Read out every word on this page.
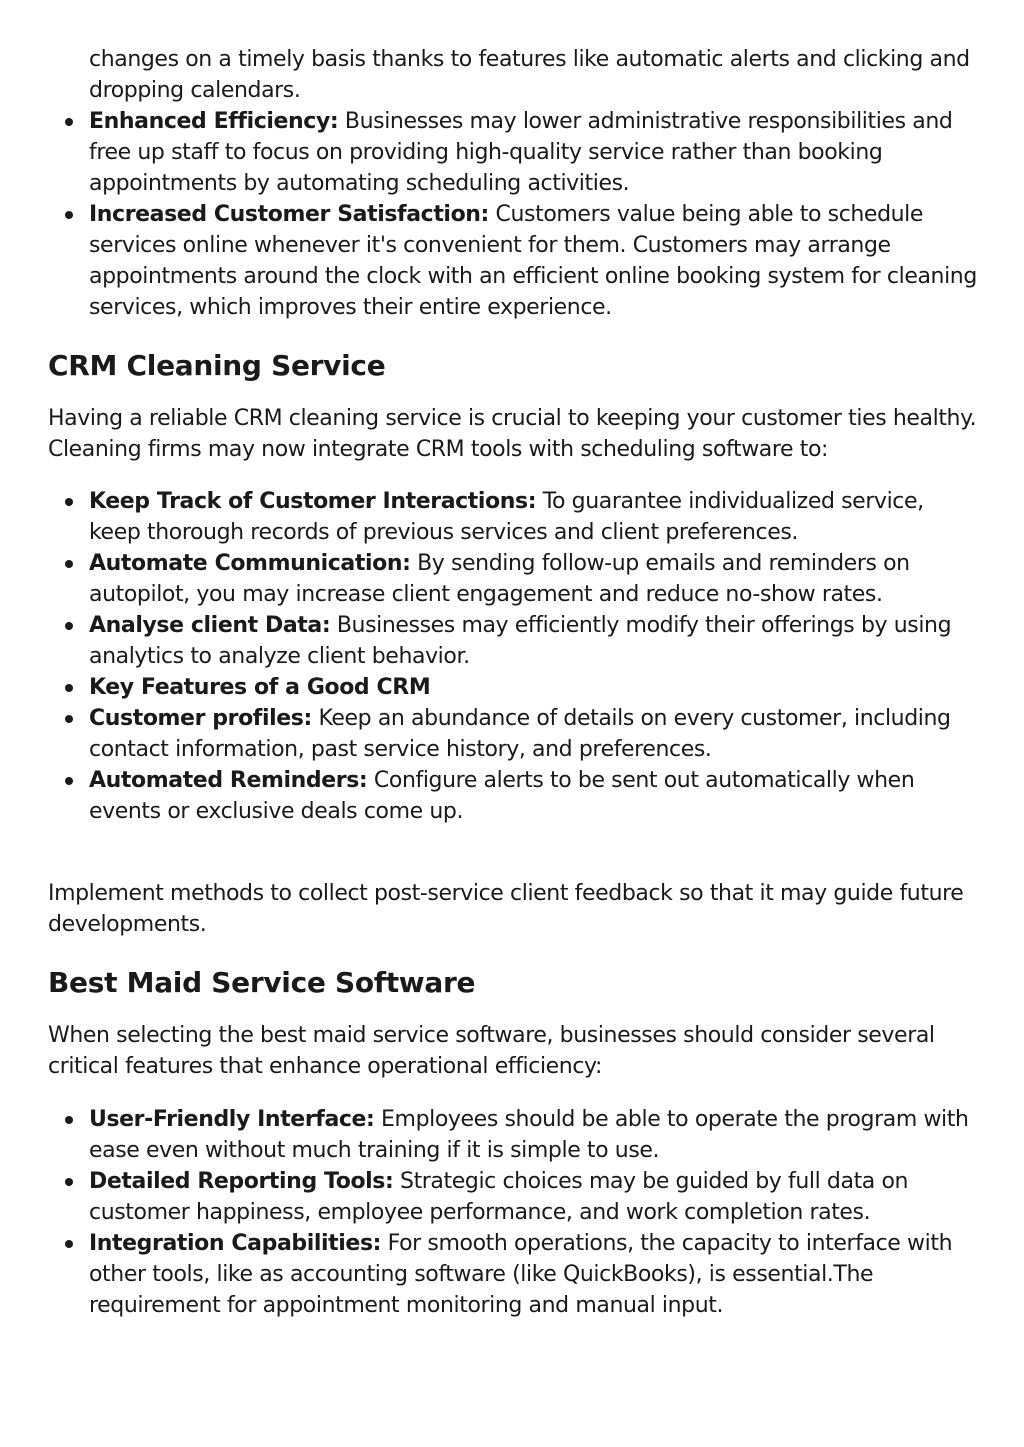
changes on a timely basis thanks to features like automatic alerts and clicking and dropping calendars.
Enhanced Efficiency: Businesses may lower administrative responsibilities and free up staff to focus on providing high-quality service rather than booking appointments by automating scheduling activities.
Increased Customer Satisfaction: Customers value being able to schedule services online whenever it's convenient for them. Customers may arrange appointments around the clock with an efficient online booking system for cleaning services, which improves their entire experience.
CRM Cleaning Service

Having a reliable CRM cleaning service is crucial to keeping your customer ties healthy. Cleaning firms may now integrate CRM tools with scheduling software to:

Keep Track of Customer Interactions: To guarantee individualized service, keep thorough records of previous services and client preferences.
Automate Communication: By sending follow-up emails and reminders on autopilot, you may increase client engagement and reduce no-show rates.
Analyse client Data: Businesses may efficiently modify their offerings by using analytics to analyze client behavior.
Key Features of a Good CRM
Customer profiles: Keep an abundance of details on every customer, including contact information, past service history, and preferences.
Automated Reminders: Configure alerts to be sent out automatically when events or exclusive deals come up.

Implement methods to collect post-service client feedback so that it may guide future developments.

Best Maid Service Software

When selecting the best maid service software, businesses should consider several critical features that enhance operational efficiency:

User-Friendly Interface: Employees should be able to operate the program with ease even without much training if it is simple to use.
Detailed Reporting Tools: Strategic choices may be guided by full data on customer happiness, employee performance, and work completion rates.
Integration Capabilities: For smooth operations, the capacity to interface with other tools, like as accounting software (like QuickBooks), is essential.The requirement for appointment monitoring and manual input.
